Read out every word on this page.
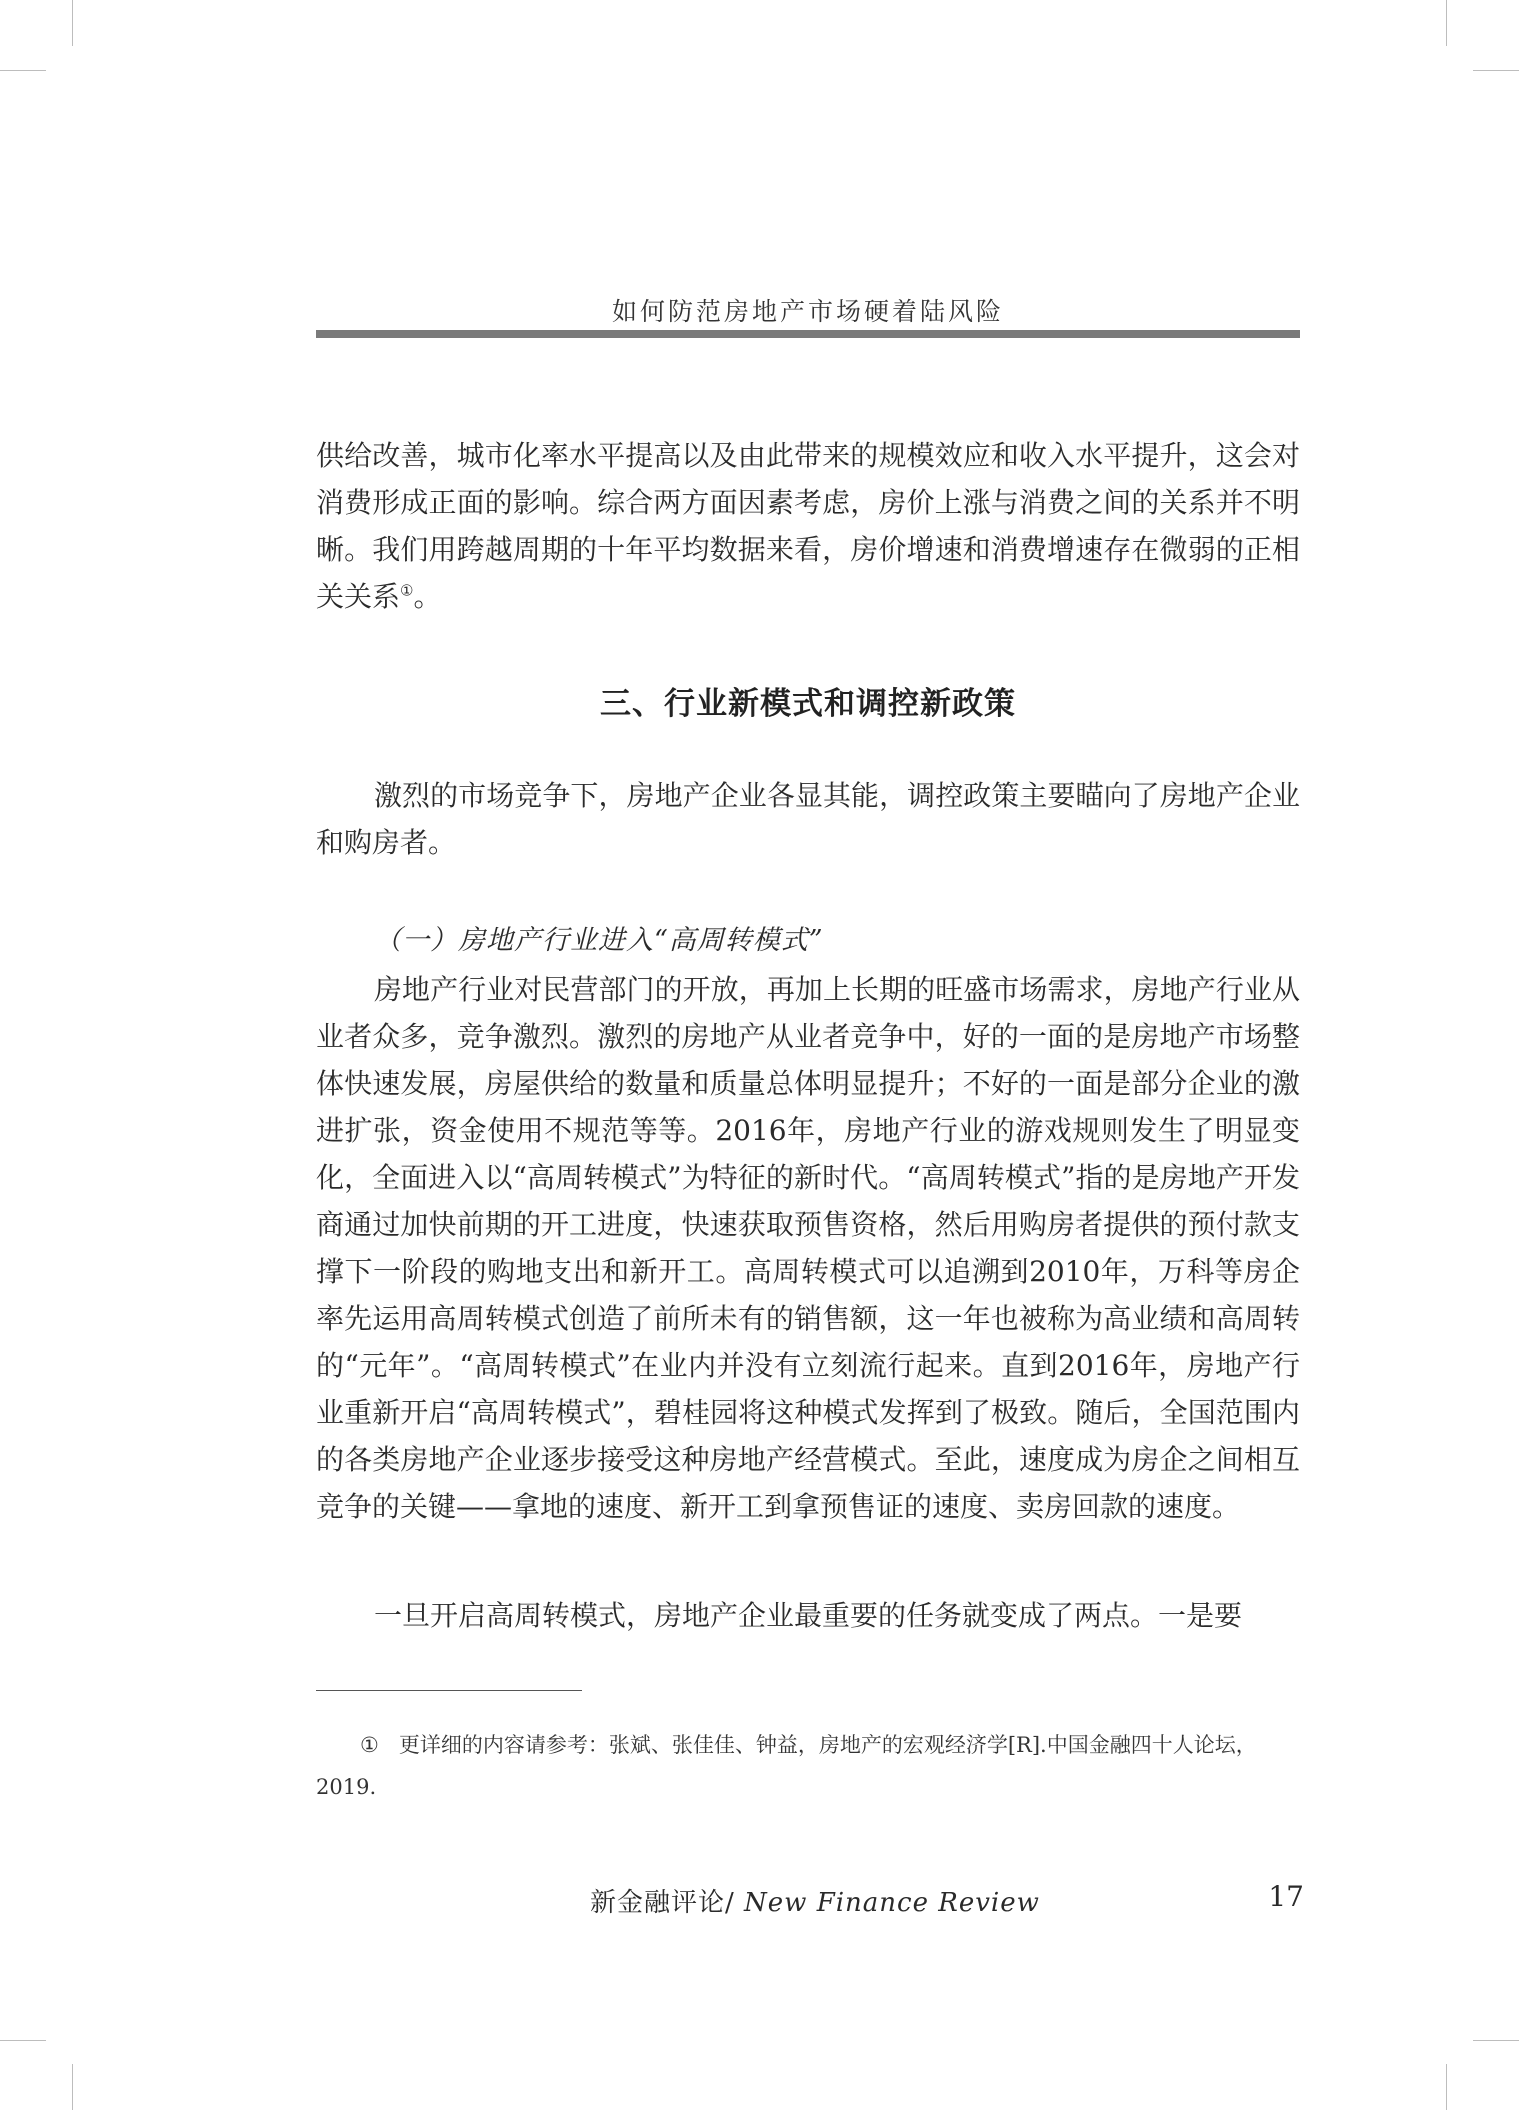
如何防范房地产市场硬着陆风险

供给改善，城市化率水平提高以及由此带来的规模效应和收入水平提升，这会对消费形成正面的影响。综合两方面因素考虑，房价上涨与消费之间的关系并不明晰。我们用跨越周期的十年平均数据来看，房价增速和消费增速存在微弱的正相关关系①。

三、行业新模式和调控新政策

激烈的市场竞争下，房地产企业各显其能，调控政策主要瞄向了房地产企业和购房者。

（一）房地产行业进入“高周转模式”

房地产行业对民营部门的开放，再加上长期的旺盛市场需求，房地产行业从业者众多，竞争激烈。激烈的房地产从业者竞争中，好的一面的是房地产市场整体快速发展，房屋供给的数量和质量总体明显提升；不好的一面是部分企业的激进扩张，资金使用不规范等等。2016年，房地产行业的游戏规则发生了明显变化，全面进入以“高周转模式”为特征的新时代。“高周转模式”指的是房地产开发商通过加快前期的开工进度，快速获取预售资格，然后用购房者提供的预付款支撑下一阶段的购地支出和新开工。高周转模式可以追溯到2010年，万科等房企率先运用高周转模式创造了前所未有的销售额，这一年也被称为高业绩和高周转的“元年”。“高周转模式”在业内并没有立刻流行起来。直到2016年，房地产行业重新开启“高周转模式”，碧桂园将这种模式发挥到了极致。随后，全国范围内的各类房地产企业逐步接受这种房地产经营模式。至此，速度成为房企之间相互竞争的关键——拿地的速度、新开工到拿预售证的速度、卖房回款的速度。

一旦开启高周转模式，房地产企业最重要的任务就变成了两点。一是要

① 更详细的内容请参考：张斌、张佳佳、钟益，房地产的宏观经济学[R].中国金融四十人论坛，2019.

新金融评论/ New Finance Review	17
